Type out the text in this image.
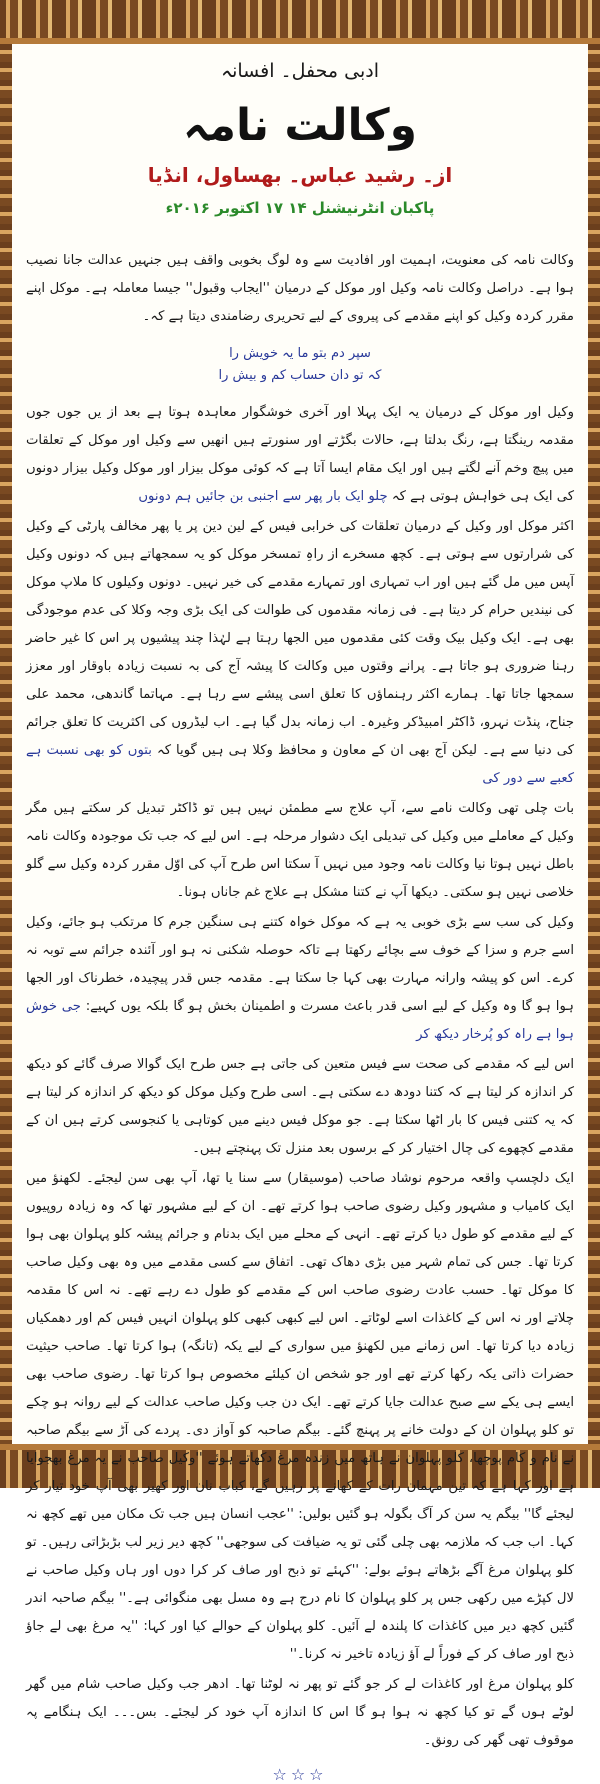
ادبی محفل۔ افسانہ
وکالت نامہ
از۔ رشید عباس۔ بھساول، انڈیا
پاکبان انٹرنیشنل ۱۴ ۱۷ اکتوبر ۲۰۱۶ء

وکالت نامہ کی معنویت، اہمیت اور افادیت سے وہ لوگ بخوبی واقف ہیں جنہیں عدالت جانا نصیب ہوا ہے۔ دراصل وکالت نامہ وکیل اور موکل کے درمیان ''ایجاب وقبول'' جیسا معاملہ ہے۔ موکل اپنے مقرر کردہ وکیل کو اپنے مقدمے کی پیروی کے لیے تحریری رضامندی دیتا ہے کہ۔

سپر دم بتو ما یہ خویش را
کہ تو دان حساب کم و بیش را

وکیل اور موکل کے درمیان یہ ایک پہلا اور آخری خوشگوار معاہدہ ہوتا ہے بعد از یں جوں جوں مقدمہ رینگتا ہے، رنگ بدلتا ہے، حالات بگڑتے اور سنورتے ہیں انھیں سے وکیل اور موکل کے تعلقات میں پیچ وخم آنے لگتے ہیں اور ایک مقام ایسا آتا ہے کہ کوئی موکل بیزار اور موکل وکیل بیزار دونوں کی ایک ہی خواہش ہوتی ہے کہ چلو ایک بار پھر سے اجنبی بن جائیں ہم دونوں

اکثر موکل اور وکیل کے درمیان تعلقات کی خرابی فیس کے لین دین پر یا پھر مخالف پارٹی کے وکیل کی شرارتوں سے ہوتی ہے۔ کچھ مسخرے از راہِ تمسخر موکل کو یہ سمجھاتے ہیں کہ دونوں وکیل آپس میں مل گئے ہیں اور اب تمہاری اور تمہارے مقدمے کی خیر نہیں۔ دونوں وکیلوں کا ملاپ موکل کی نیندیں حرام کر دیتا ہے۔ فی زمانہ مقدموں کی طوالت کی ایک بڑی وجہ وکلا کی عدم موجودگی بھی ہے۔ ایک وکیل بیک وقت کئی مقدموں میں الجھا رہتا ہے لہٰذا چند پیشیوں پر اس کا غیر حاضر رہنا ضروری ہو جاتا ہے۔ پرانے وقتوں میں وکالت کا پیشہ آج کی بہ نسبت زیادہ باوقار اور معزز سمجھا جاتا تھا۔ ہمارے اکثر رہنماؤں کا تعلق اسی پیشے سے رہا ہے۔ مہاتما گاندھی، محمد علی جناح، پنڈت نہرو، ڈاکٹر امبیڈکر وغیرہ۔ اب زمانہ بدل گیا ہے۔ اب لیڈروں کی اکثریت کا تعلق جرائم کی دنیا سے ہے۔ لیکن آج بھی ان کے معاون و محافظ وکلا ہی ہیں گویا کہ بتوں کو بھی نسبت ہے کعبے سے دور کی

بات چلی تھی وکالت نامے سے، آپ علاج سے مطمئن نہیں ہیں تو ڈاکٹر تبدیل کر سکتے ہیں مگر وکیل کے معاملے میں وکیل کی تبدیلی ایک دشوار مرحلہ ہے۔ اس لیے کہ جب تک موجودہ وکالت نامہ باطل نہیں ہوتا نیا وکالت نامہ وجود میں نہیں آ سکتا اس طرح آپ کی اوّل مقرر کردہ وکیل سے گلو خلاصی نہیں ہو سکتی۔ دیکھا آپ نے کتنا مشکل ہے علاج غم جاناں ہونا۔

وکیل کی سب سے بڑی خوبی یہ ہے کہ موکل خواہ کتنے ہی سنگین جرم کا مرتکب ہو جائے، وکیل اسے جرم و سزا کے خوف سے بچائے رکھتا ہے تاکہ حوصلہ شکنی نہ ہو اور آئندہ جرائم سے توبہ نہ کرے۔ اس کو پیشہ وارانہ مہارت بھی کہا جا سکتا ہے۔ مقدمہ جس قدر پیچیدہ، خطرناک اور الجھا ہوا ہو گا وہ وکیل کے لیے اسی قدر باعث مسرت و اطمینان بخش ہو گا بلکہ یوں کہیے: جی خوش ہوا ہے راہ کو پُرخار دیکھ کر

اس لیے کہ مقدمے کی صحت سے فیس متعین کی جاتی ہے جس طرح ایک گوالا صرف گائے کو دیکھ کر اندازہ کر لیتا ہے کہ کتنا دودھ دے سکتی ہے۔ اسی طرح وکیل موکل کو دیکھ کر اندازہ کر لیتا ہے کہ یہ کتنی فیس کا بار اٹھا سکتا ہے۔ جو موکل فیس دینے میں کوتاہی یا کنجوسی کرتے ہیں ان کے مقدمے کچھوے کی چال اختیار کر کے برسوں بعد منزل تک پہنچتے ہیں۔

ایک دلچسپ واقعہ مرحوم نوشاد صاحب (موسیقار) سے سنا یا تھا، آپ بھی سن لیجئے۔ لکھنؤ میں ایک کامیاب و مشہور وکیل رضوی صاحب ہوا کرتے تھے۔ ان کے لیے مشہور تھا کہ وہ زیادہ روپیوں کے لیے مقدمے کو طول دیا کرتے تھے۔ انہی کے محلے میں ایک بدنام و جرائم پیشہ کلو پہلوان بھی ہوا کرتا تھا۔ جس کی تمام شہر میں بڑی دھاک تھی۔ اتفاق سے کسی مقدمے میں وہ بھی وکیل صاحب کا موکل تھا۔ حسب عادت رضوی صاحب اس کے مقدمے کو طول دے رہے تھے۔ نہ اس کا مقدمہ چلاتے اور نہ اس کے کاغذات اسے لوٹاتے۔ اس لیے کبھی کبھی کلو پہلوان انہیں فیس کم اور دھمکیاں زیادہ دیا کرتا تھا۔ اس زمانے میں لکھنؤ میں سواری کے لیے یکہ (تانگہ) ہوا کرتا تھا۔ صاحب حیثیت حضرات ذاتی یکہ رکھا کرتے تھے اور جو شخص ان کیلئے مخصوص ہوا کرتا تھا۔ رضوی صاحب بھی ایسے ہی یکے سے صبح عدالت جایا کرتے تھے۔ ایک دن جب وکیل صاحب عدالت کے لیے روانہ ہو چکے تو کلو پہلوان ان کے دولت خانے پر پہنچ گئے۔ بیگم صاحبہ کو آواز دی۔ پردے کی آڑ سے بیگم صاحبہ نے نام و کام پوچھا، کلو پہلوان نے ہاتھ میں زندہ مرغ دکھاتے ہوئے ''وکیل صاحب نے یہ مرغ بھجوایا ہے اور کہا ہے کہ تین مہمان رات کے کھانے پر رہیں گے، کباب نان اور کھیر بھی آپ خود تیار کر لیجئے گا'' بیگم یہ سن کر آگ بگولہ ہو گئیں بولیں: ''عجب انسان ہیں جب تک مکان میں تھے کچھ نہ کہا۔ اب جب کہ ملازمہ بھی چلی گئی تو یہ ضیافت کی سوجھی'' کچھ دیر زیر لب بڑبڑاتی رہیں۔ تو کلو پہلوان مرغ آگے بڑھاتے ہوئے بولے: ''کہئے تو ذبح اور صاف کر کرا دوں اور ہاں وکیل صاحب نے لال کپڑے میں رکھی جس پر کلو پہلوان کا نام درج ہے وہ مسل بھی منگوائی ہے۔'' بیگم صاحبہ اندر گئیں کچھ دیر میں کاغذات کا پلندہ لے آئیں۔ کلو پہلوان کے حوالے کیا اور کہا: ''یہ مرغ بھی لے جاؤ ذبح اور صاف کر کے فوراً لے آؤ زیادہ تاخیر نہ کرنا۔''

کلو پہلوان مرغ اور کاغذات لے کر جو گئے تو پھر نہ لوٹنا تھا۔ ادھر جب وکیل صاحب شام میں گھر لوٹے ہوں گے تو کیا کچھ نہ ہوا ہو گا اس کا اندازہ آپ خود کر لیجئے۔ بس۔۔۔ ایک ہنگامے پہ موقوف تھی گھر کی رونق۔

☆☆☆
